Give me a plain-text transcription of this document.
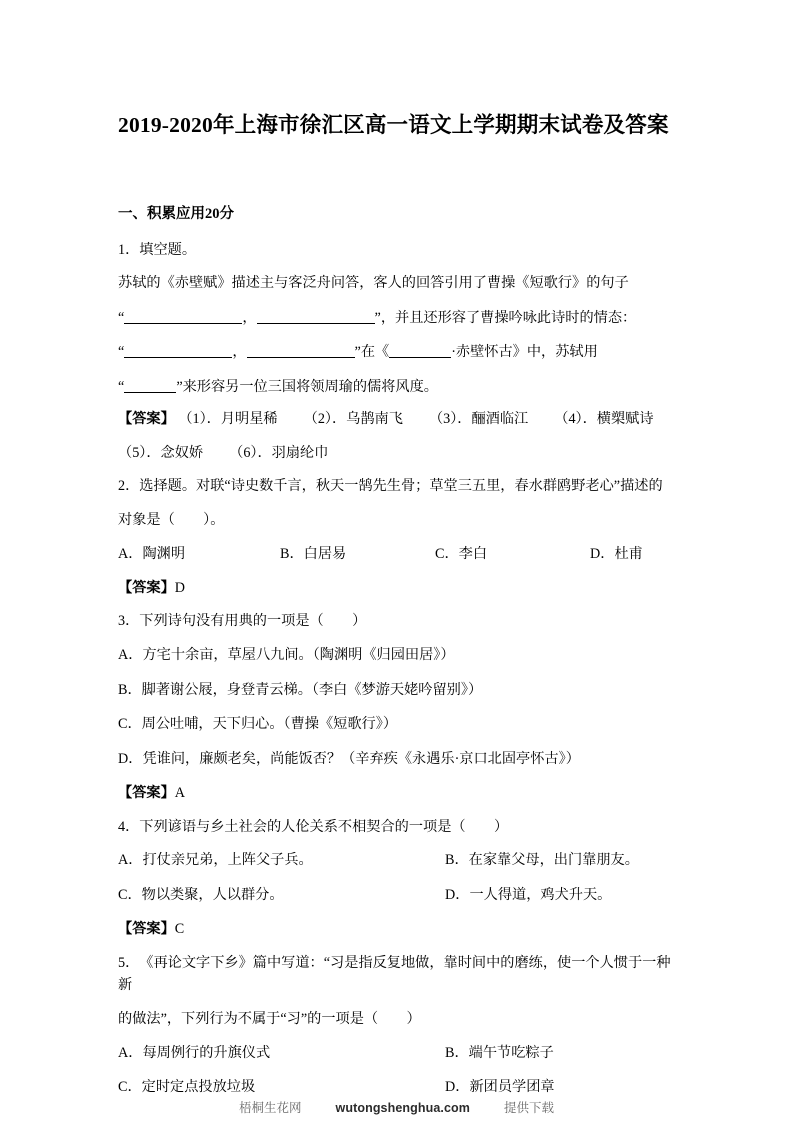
2019-2020年上海市徐汇区高一语文上学期期末试卷及答案
一、积累应用20分
1．填空题。
苏轼的《赤壁赋》描述主与客泛舟问答，客人的回答引用了曹操《短歌行》的句子
“	，	”，并且还形容了曹操吟咏此诗时的情态：
“	，	”在《	·赤壁怀古》中，苏轼用
“	”来形容另一位三国将领周瑜的儒将风度。
【答案】 （1）．月明星稀 （2）．乌鹊南飞 （3）．酾酒临江 （4）．横槊赋诗
（5）．念奴娇 （6）．羽扇纶巾
2．选择题。对联“诗史数千言，秋天一鹄先生骨；草堂三五里，春水群鸥野老心”描述的
对象是（　　）。
A．陶渊明	B．白居易	C．李白	D．杜甫
【答案】D
3．下列诗句没有用典的一项是（　　）
A．方宅十余亩，草屋八九间。（陶渊明《归园田居》）
B．脚著谢公屐，身登青云梯。（李白《梦游天姥吟留别》）
C．周公吐哺，天下归心。（曹操《短歌行》）
D．凭谁问，廉颇老矣，尚能饭否？（辛弃疾《永遇乐·京口北固亭怀古》）
【答案】A
4．下列谚语与乡土社会的人伦关系不相契合的一项是（　　）
A．打仗亲兄弟，上阵父子兵。	B．在家靠父母，出门靠朋友。
C．物以类聚，人以群分。	D．一人得道，鸡犬升天。
【答案】C
5．《再论文字下乡》篇中写道：“习是指反复地做，靠时间中的磨练，使一个人惯于一种新
的做法”，下列行为不属于“习”的一项是（　　）
A．每周例行的升旗仪式	B．端午节吃粽子
C．定时定点投放垃圾	D．新团员学团章
梧桐生花网	wutongshenghua.com	提供下载
